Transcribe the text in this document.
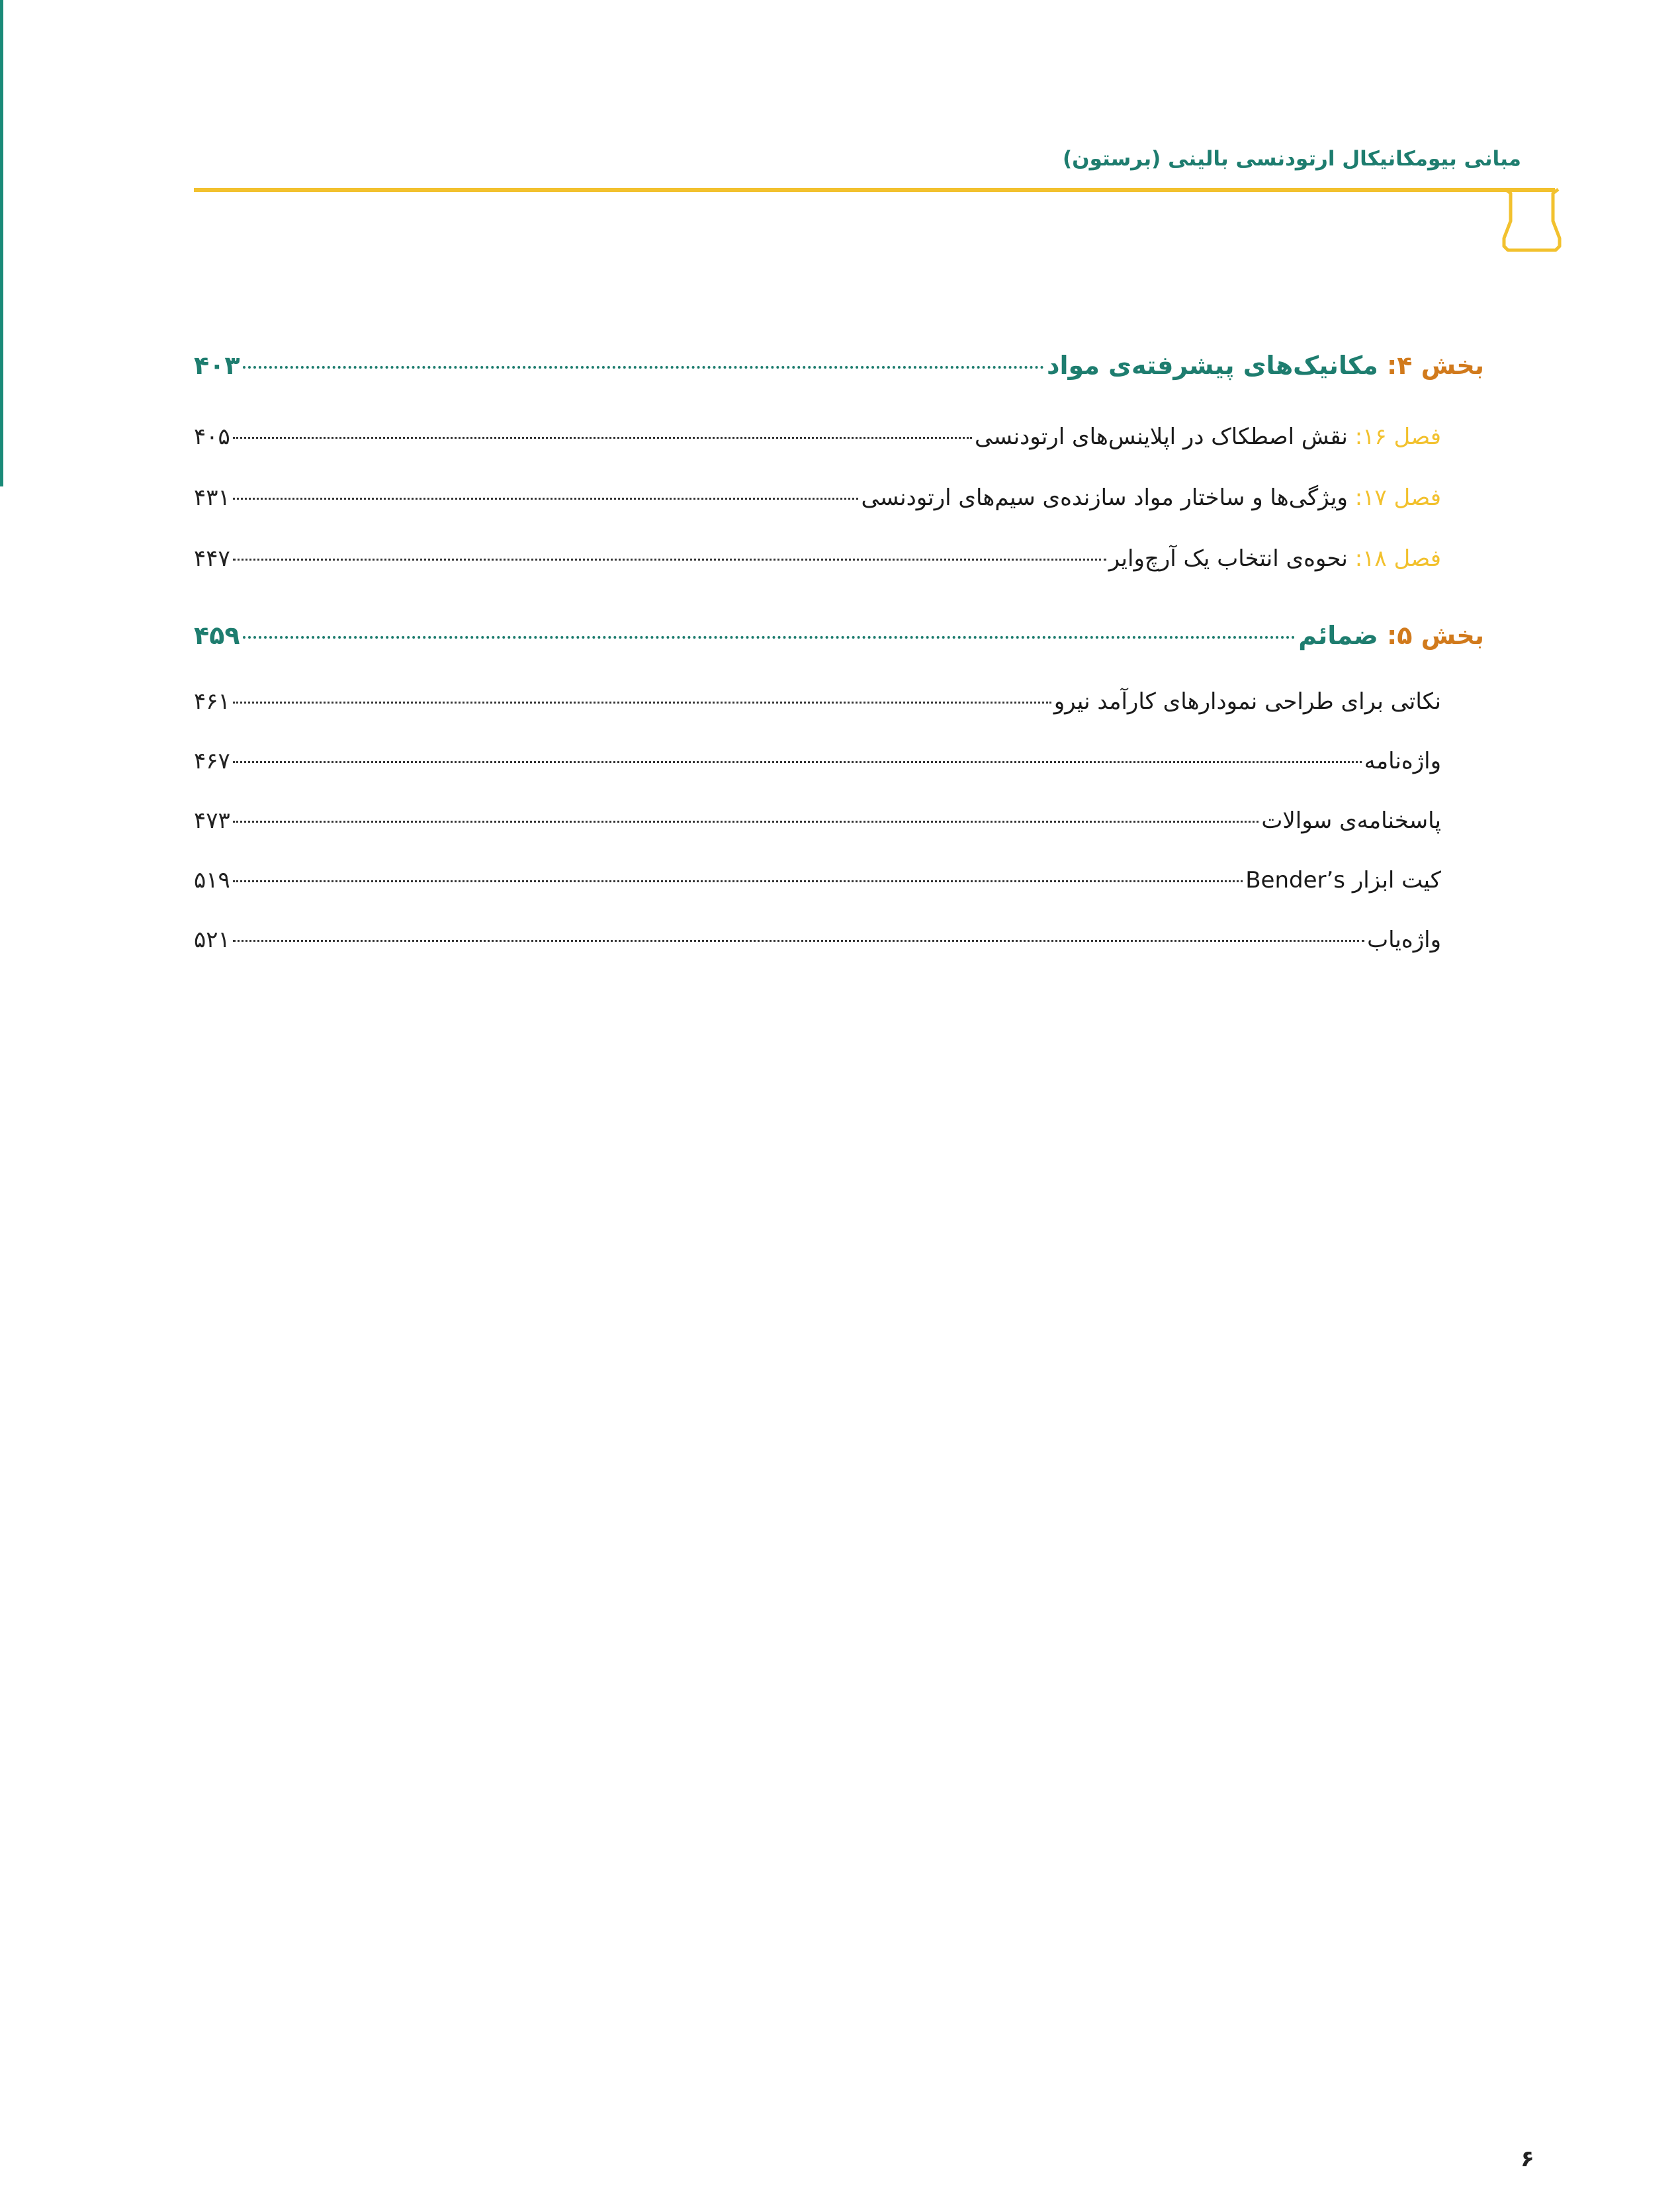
مبانی بیومکانیکال ارتودنسی بالینی (برستون)
بخش ۴: مکانیک‌های پیشرفته‌ی مواد
۴۰۳
فصل ۱۶: نقش اصطکاک در اپلاینس‌های ارتودنسی
۴۰۵
فصل ۱۷: ویژگی‌ها و ساختار مواد سازنده‌ی سیم‌های ارتودنسی
۴۳۱
فصل ۱۸: نحوه‌ی انتخاب یک آرچ‌وایر
۴۴۷
بخش ۵: ضمائم
۴۵۹
نکاتی برای طراحی نمودارهای کارآمد نیرو
۴۶۱
واژه‌نامه
۴۶۷
پاسخنامه‌ی سوالات
۴۷۳
کیت ابزار Bender’s
۵۱۹
واژه‌یاب
۵۲۱
۶
